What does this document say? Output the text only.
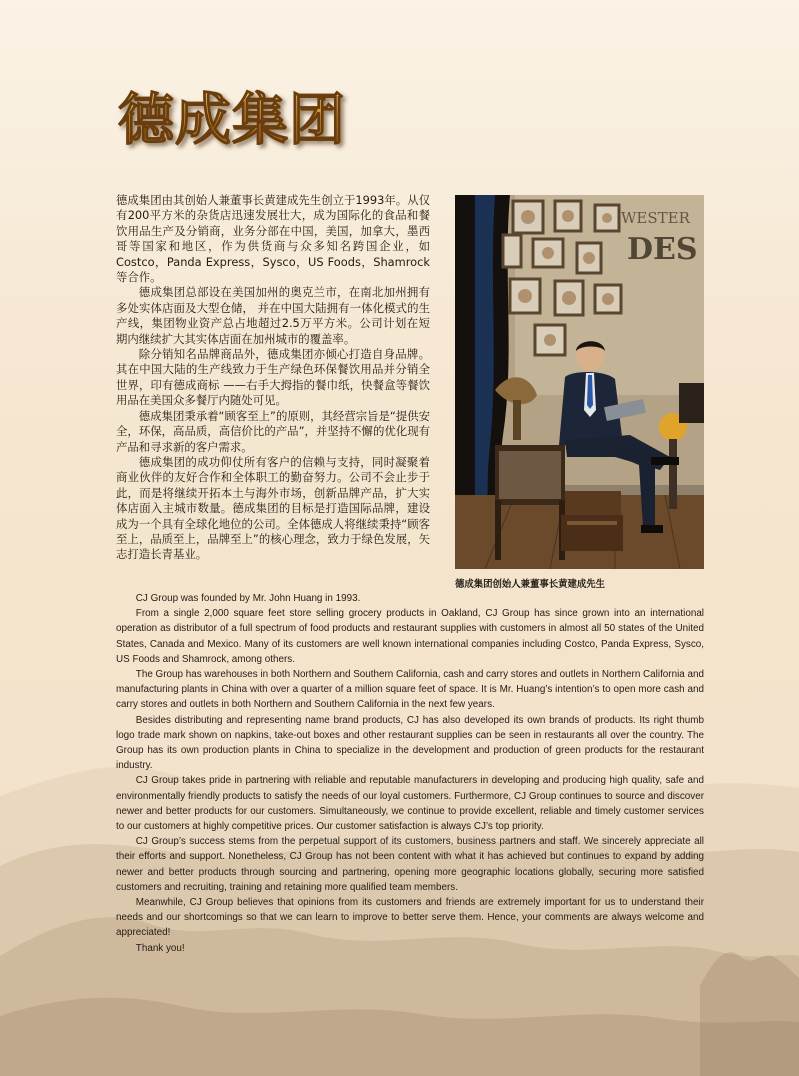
德成集团

德成集团由其创始人兼董事长黄建成先生创立于1993年。从仅有200平方米的杂货店迅速发展壮大，成为国际化的食品和餐饮用品生产及分销商，业务分部在中国，美国，加拿大，墨西哥等国家和地区，作为供货商与众多知名跨国企业，如Costco，Panda Express，Sysco，US Foods，Shamrock等合作。

德成集团总部设在美国加州的奥克兰市，在南北加州拥有多处实体店面及大型仓储， 并在中国大陆拥有一体化模式的生产线，集团物业资产总占地超过2.5万平方米。公司计划在短期内继续扩大其实体店面在加州城市的覆盖率。

除分销知名品牌商品外，德成集团亦倾心打造自身品牌。其在中国大陆的生产线致力于生产绿色环保餐饮用品并分销全世界，印有德成商标 ——右手大拇指的餐巾纸，快餐盒等餐饮用品在美国众多餐厅内随处可见。

德成集团秉承着“顾客至上”的原则，其经营宗旨是“提供安全，环保，高品质，高信价比的产品”，并坚持不懈的优化现有产品和寻求新的客户需求。

德成集团的成功仰仗所有客户的信赖与支持，同时凝聚着商业伙伴的友好合作和全体职工的勤奋努力。公司不会止步于此，而是将继续开拓本土与海外市场，创新品牌产品，扩大实体店面入主城市数量。德成集团的目标是打造国际品牌，建设成为一个具有全球化地位的公司。全体德成人将继续秉持“顾客至上，品质至上，品牌至上”的核心理念，致力于绿色发展，矢志打造长青基业。

WESTER
DES
德成集团创始人兼董事长黄建成先生

CJ Group was founded by Mr. John Huang in 1993.

From a single 2,000 square feet store selling grocery products in Oakland, CJ Group has since grown into an international operation as distributor of a full spectrum of food products and restaurant supplies with customers in almost all 50 states of the United States, Canada and Mexico. Many of its customers are well known international companies including Costco, Panda Express, Sysco, US Foods and Shamrock, among others.

The Group has warehouses in both Northern and Southern California, cash and carry stores and outlets in Northern California and manufacturing plants in China with over a quarter of a million square feet of space. It is Mr. Huang’s intention’s to open more cash and carry stores and outlets in both Northern and Southern California in the next few years.

Besides distributing and representing name brand products, CJ has also developed its own brands of products. Its right thumb logo trade mark shown on napkins, take-out boxes and other restaurant supplies can be seen in restaurants all over the country. The Group has its own production plants in China to specialize in the development and production of green products for the restaurant industry.

CJ Group takes pride in partnering with reliable and reputable manufacturers in developing and producing high quality, safe and environmentally friendly products to satisfy the needs of our loyal customers. Furthermore, CJ Group continues to source and discover newer and better products for our customers. Simultaneously, we continue to provide excellent, reliable and timely customer services to our customers at highly competitive prices. Our customer satisfaction is always CJ’s top priority.

CJ Group’s success stems from the perpetual support of its customers, business partners and staff. We sincerely appreciate all their efforts and support. Nonetheless, CJ Group has not been content with what it has achieved but continues to expand by adding newer and better products through sourcing and partnering, opening more geographic locations globally, securing more satisfied customers and recruiting, training and retaining more qualified team members.

Meanwhile, CJ Group believes that opinions from its customers and friends are extremely important for us to understand their needs and our shortcomings so that we can learn to improve to better serve them. Hence, your comments are always welcome and appreciated!

Thank you!
